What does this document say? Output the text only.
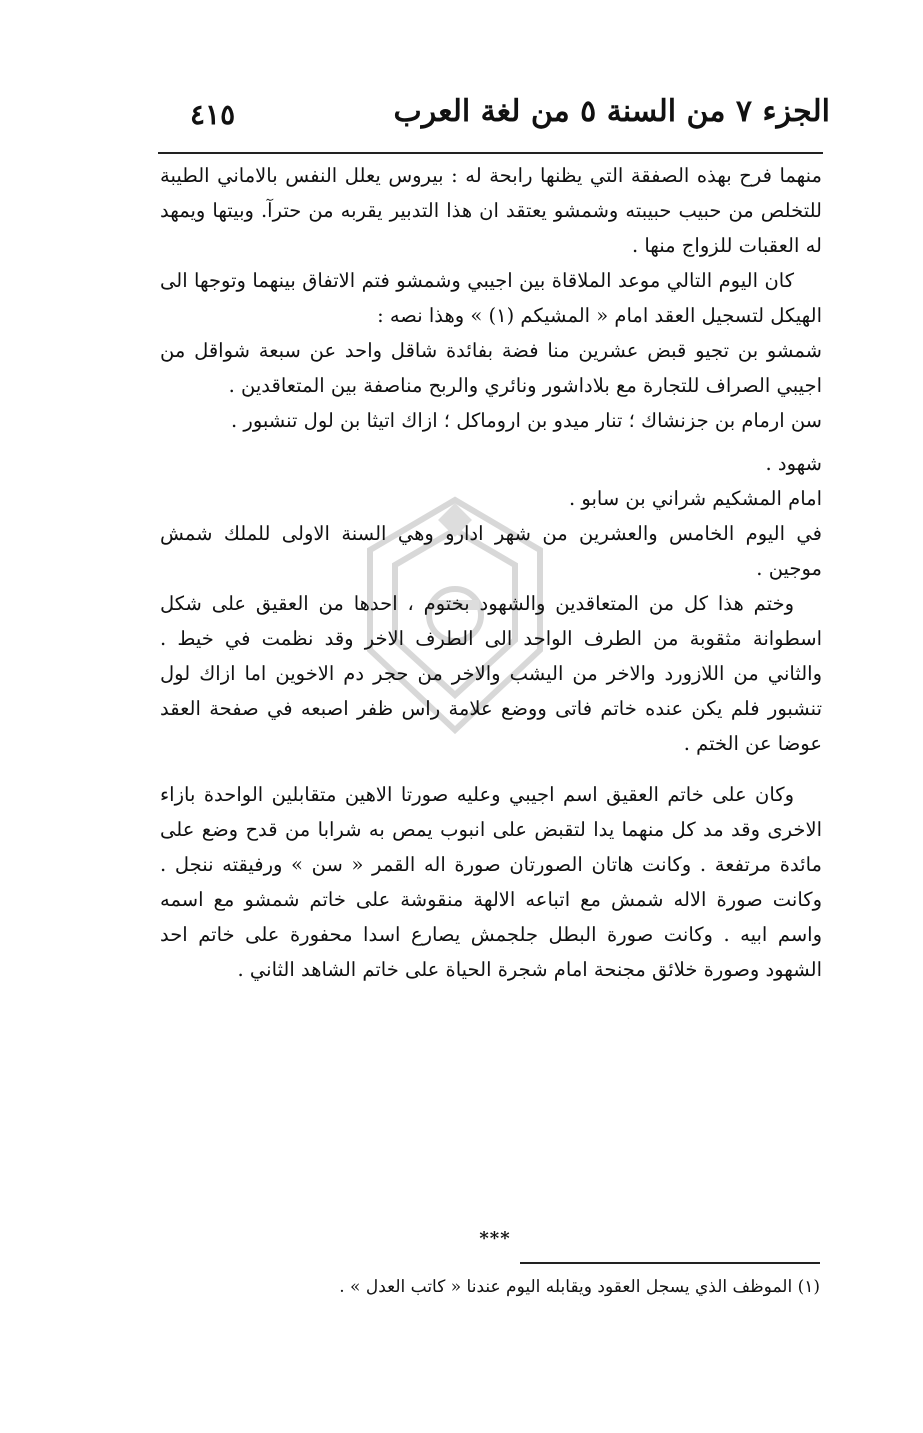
الجزء ٧ من السنة ٥ من لغة العرب
٤١٥

منهما فرح بهذه الصفقة التي يظنها رابحة له : بيروس يعلل النفس بالاماني الطيبة للتخلص من حبيب حبيبته وشمشو يعتقد ان هذا التدبير يقربه من حترآ. وبيتها ويمهد له العقبات للزواج منها .

كان اليوم التالي موعد الملاقاة بين اجيبي وشمشو فتم الاتفاق بينهما وتوجها الى الهيكل لتسجيل العقد امام « المشيكم (١) » وهذا نصه :

شمشو بن تجيو قبض عشرين منا فضة بفائدة شاقل واحد عن سبعة شواقل من اجيبي الصراف للتجارة مع بلاداشور ونائري والربح مناصفة بين المتعاقدين .

سن ارمام بن جزنشاك ؛ تنار ميدو بن اروماكل ؛ ازاك اتيثا بن لول تنشبور .

شهود .

امام المشكيم شراني بن سابو .

في اليوم الخامس والعشرين من شهر ادارو وهي السنة الاولى للملك شمش موجين .

وختم هذا كل من المتعاقدين والشهود بختوم ، احدها من العقيق على شكل اسطوانة مثقوبة من الطرف الواحد الى الطرف الاخر وقد نظمت في خيط . والثاني من اللازورد والاخر من اليشب والاخر من حجر دم الاخوين اما ازاك لول تنشبور فلم يكن عنده خاتم فاتى ووضع علامة راس ظفر اصبعه في صفحة العقد عوضا عن الختم .

وكان على خاتم العقيق اسم اجيبي وعليه صورتا الاهين متقابلين الواحدة بازاء الاخرى وقد مد كل منهما يدا لتقبض على انبوب يمص به شرابا من قدح وضع على مائدة مرتفعة . وكانت هاتان الصورتان صورة اله القمر « سن » ورفيقته ننجل . وكانت صورة الاله شمش مع اتباعه الالهة منقوشة على خاتم شمشو مع اسمه واسم ابيه . وكانت صورة البطل جلجمش يصارع اسدا محفورة على خاتم احد الشهود وصورة خلائق مجنحة امام شجرة الحياة على خاتم الشاهد الثاني .

***
(١) الموظف الذي يسجل العقود ويقابله اليوم عندنا « كاتب العدل » .
